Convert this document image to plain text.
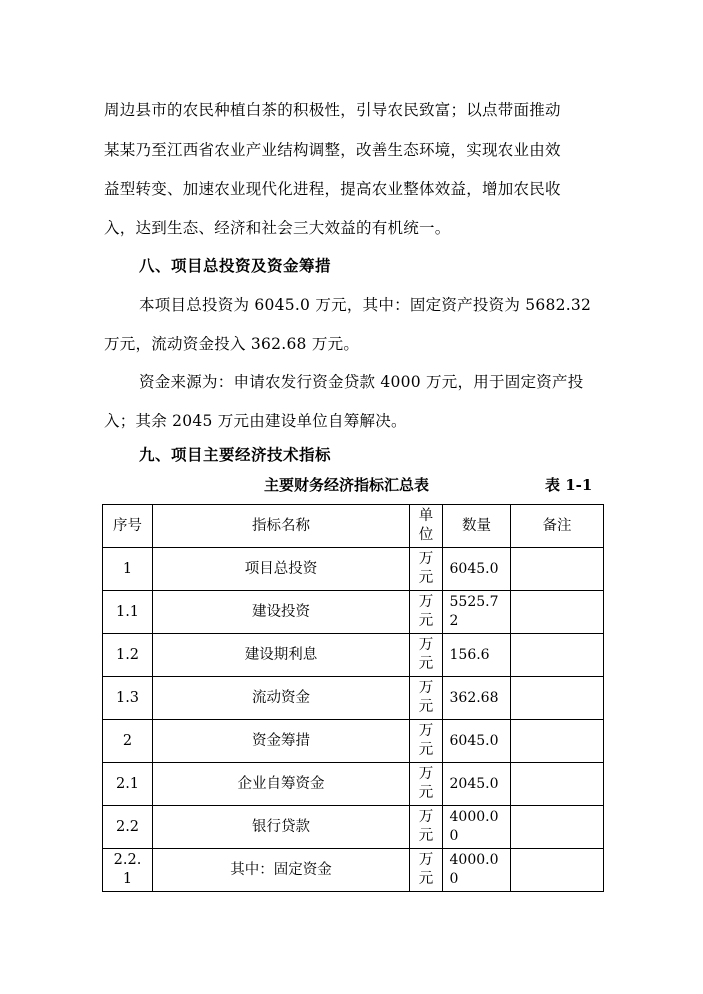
周边县市的农民种植白茶的积极性，引导农民致富；以点带面推动
某某乃至江西省农业产业结构调整，改善生态环境，实现农业由效
益型转变、加速农业现代化进程，提高农业整体效益，增加农民收
入，达到生态、经济和社会三大效益的有机统一。
八、项目总投资及资金筹措
本项目总投资为 6045.0 万元，其中：固定资产投资为 5682.32
万元，流动资金投入 362.68 万元。
资金来源为：申请农发行资金贷款 4000 万元，用于固定资产投
入；其余 2045 万元由建设单位自筹解决。
九、项目主要经济技术指标
主要财务经济指标汇总表	表 1-1
序号	指标名称	单位	数量	备注

1	项目总投资	万元	6045.0	

1.1	建设投资	万元	5525.72	

1.2	建设期利息	万元	156.6	

1.3	流动资金	万元	362.68	

2	资金筹措	万元	6045.0	

2.1	企业自筹资金	万元	2045.0	

2.2	银行贷款	万元	4000.00	

2.2.1	其中：固定资金	万元	4000.00	
